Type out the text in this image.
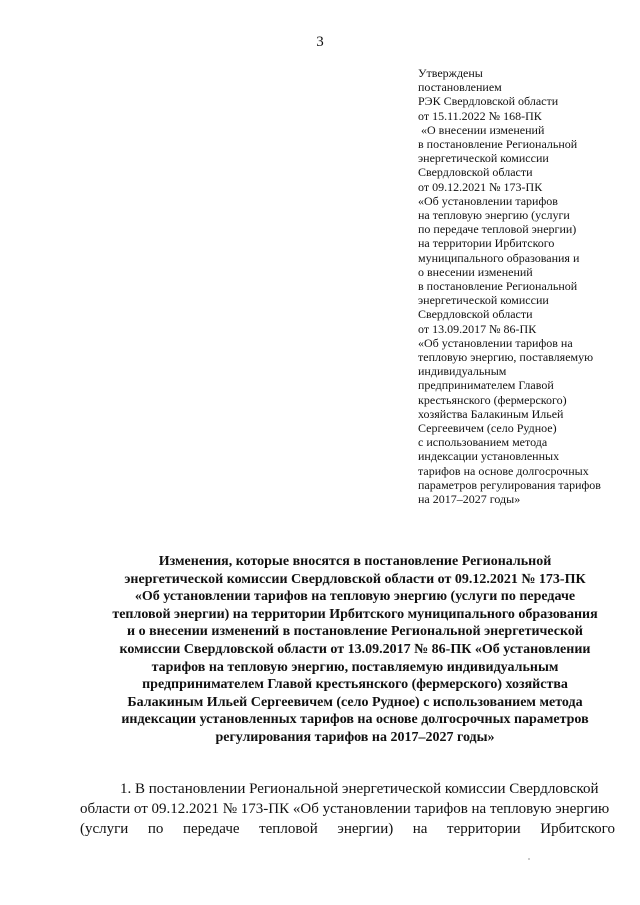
3
Утверждены
постановлением
РЭК Свердловской области
от 15.11.2022 № 168-ПК
«О внесении изменений
в постановление Региональной
энергетической комиссии
Свердловской области
от 09.12.2021 № 173-ПК
«Об установлении тарифов
на тепловую энергию (услуги
по передаче тепловой энергии)
на территории Ирбитского
муниципального образования и
о внесении изменений
в постановление Региональной
энергетической комиссии
Свердловской области
от 13.09.2017 № 86-ПК
«Об установлении тарифов на
тепловую энергию, поставляемую
индивидуальным
предпринимателем Главой
крестьянского (фермерского)
хозяйства Балакиным Ильей
Сергеевичем (село Рудное)
с использованием метода
индексации установленных
тарифов на основе долгосрочных
параметров регулирования тарифов
на 2017–2027 годы»
Изменения, которые вносятся в постановление Региональной
энергетической комиссии Свердловской области от 09.12.2021 № 173-ПК
«Об установлении тарифов на тепловую энергию (услуги по передаче
тепловой энергии) на территории Ирбитского муниципального образования
и о внесении изменений в постановление Региональной энергетической
комиссии Свердловской области от 13.09.2017 № 86-ПК «Об установлении
тарифов на тепловую энергию, поставляемую индивидуальным
предпринимателем Главой крестьянского (фермерского) хозяйства
Балакиным Ильей Сергеевичем (село Рудное) с использованием метода
индексации установленных тарифов на основе долгосрочных параметров
регулирования тарифов на 2017–2027 годы»
1. В постановлении Региональной энергетической комиссии Свердловской
области от 09.12.2021 № 173-ПК «Об установлении тарифов на тепловую энергию
(услуги по передаче тепловой энергии) на территории Ирбитского
